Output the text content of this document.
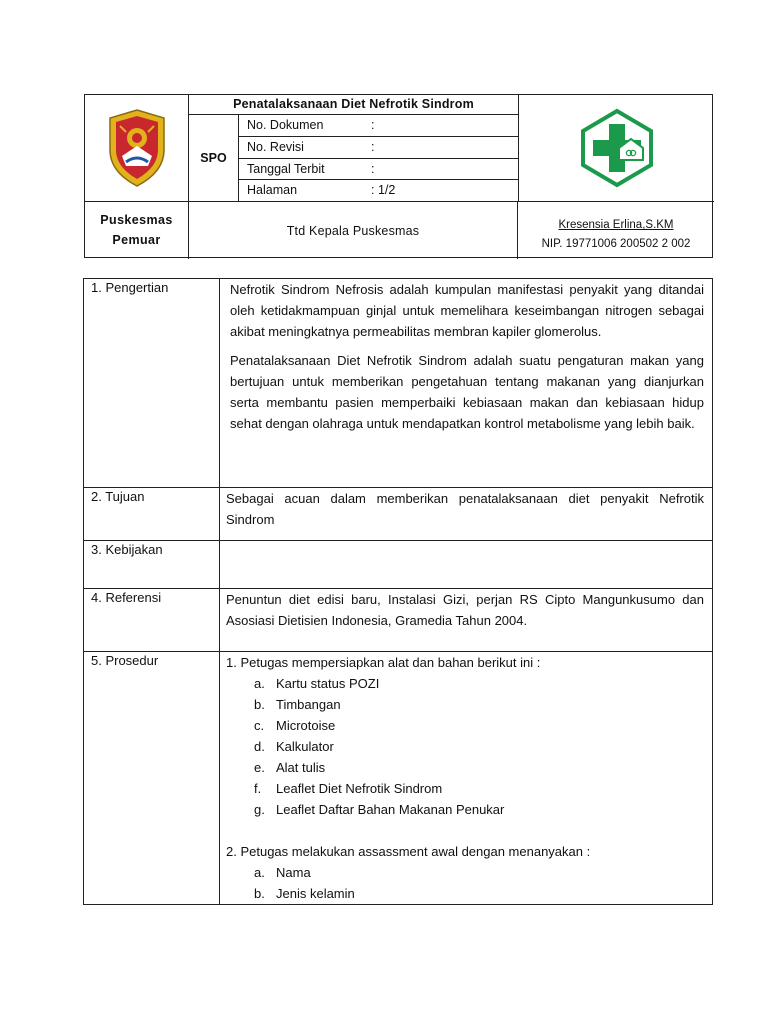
Penatalaksanaan Diet Nefrotik Sindrom
SPO
No. Dokumen	:
No. Revisi	:
Tanggal Terbit	:
Halaman	: 1/2
Puskesmas
Pemuar
Ttd Kepala Puskesmas	Kresensia Erlina,S.KM
NIP. 19771006 200502 2 002
1. Pengertian	Nefrotik Sindrom Nefrosis adalah kumpulan manifestasi penyakit yang ditandai oleh ketidakmampuan ginjal untuk memelihara keseimbangan nitrogen sebagai akibat meningkatnya permeabilitas membran kapiler glomerolus.

Penatalaksanaan Diet Nefrotik Sindrom adalah suatu pengaturan makan yang bertujuan untuk memberikan pengetahuan tentang makanan yang dianjurkan serta membantu pasien memperbaiki kebiasaan makan dan kebiasaan hidup sehat dengan olahraga untuk mendapatkan kontrol metabolisme yang lebih baik.

2. Tujuan	Sebagai acuan dalam memberikan penatalaksanaan diet penyakit Nefrotik Sindrom
3. Kebijakan
4. Referensi	Penuntun diet edisi baru, Instalasi Gizi, perjan RS Cipto Mangunkusumo dan Asosiasi Dietisien Indonesia, Gramedia Tahun 2004.
5. Prosedur	1. Petugas mempersiapkan alat dan bahan berikut ini :
a. Kartu status POZI
b. Timbangan
c. Microtoise
d. Kalkulator
e. Alat tulis
f.	Leaflet Diet Nefrotik Sindrom
g. Leaflet Daftar Bahan Makanan Penukar
2. Petugas melakukan assassment awal dengan menanyakan :
a. Nama
b. Jenis kelamin
